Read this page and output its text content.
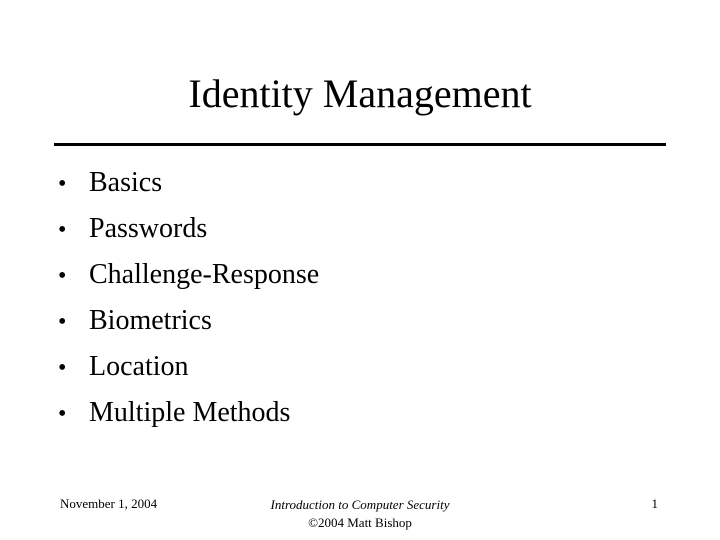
Identity Management
• Basics
• Passwords
• Challenge-Response
• Biometrics
• Location
• Multiple Methods
November 1, 2004	Introduction to Computer Security
©2004 Matt Bishop
1
